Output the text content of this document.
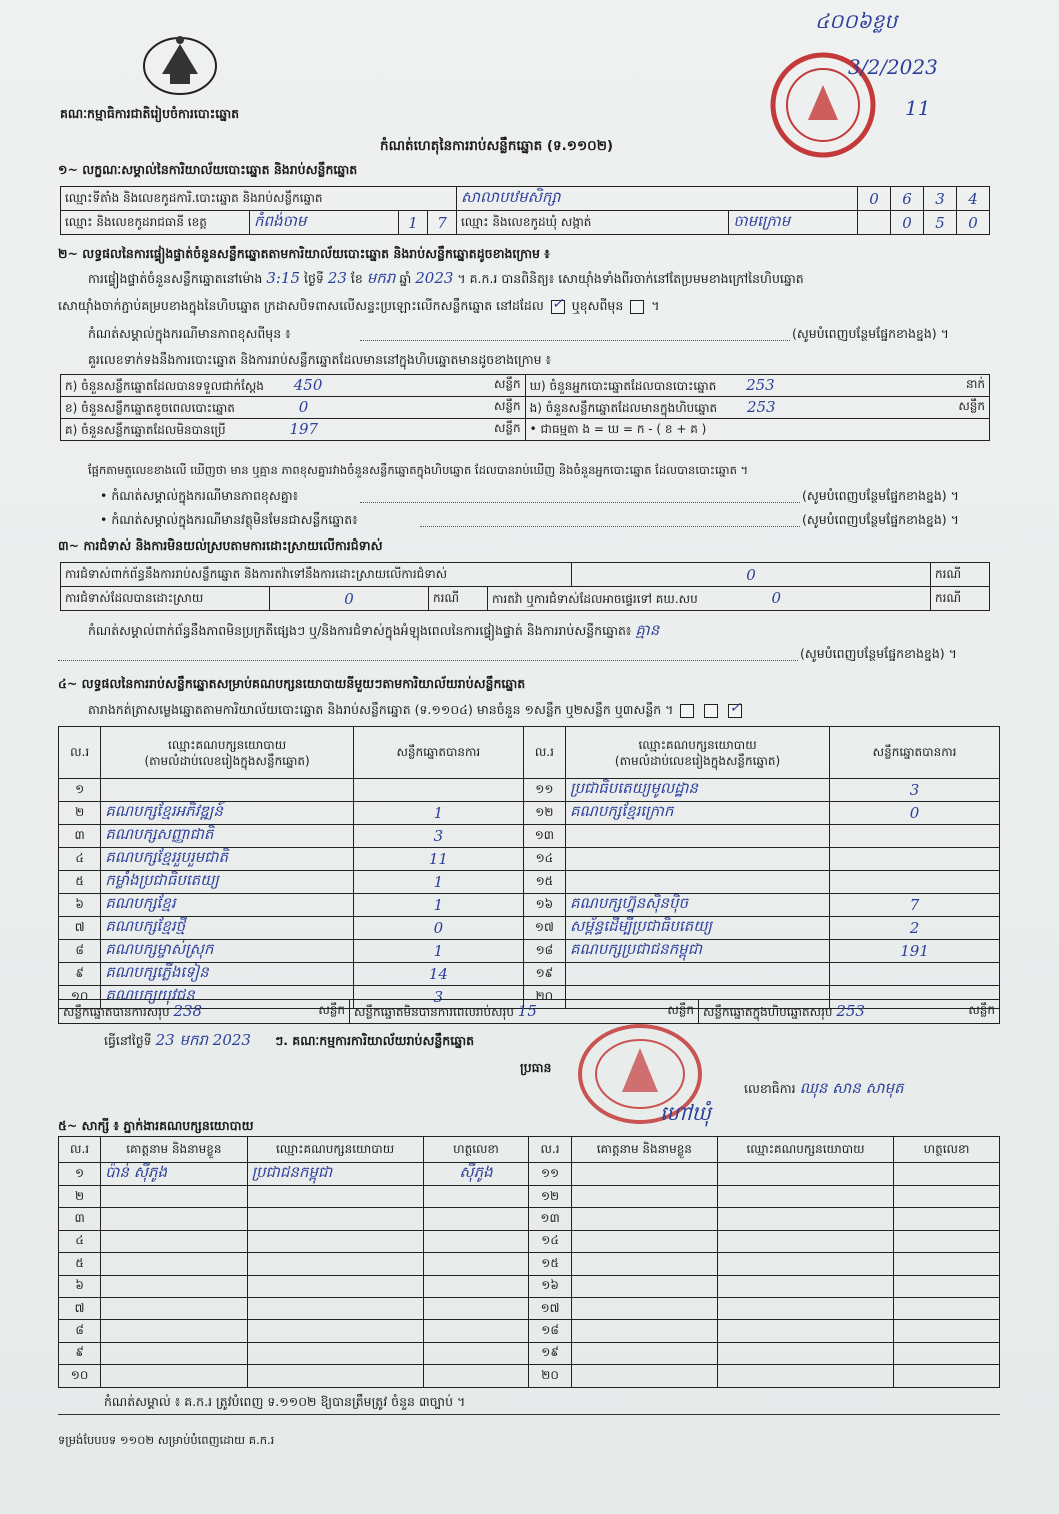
គណៈកម្មាធិការជាតិរៀបចំការបោះឆ្នោត
៤០០៦ខ្លប
3/2/2023
11
កំណត់ហេតុនៃការរាប់សន្លឹកឆ្នោត (ទ.១១០២)
១~ លក្ខណៈសម្គាល់នៃការិយាល័យបោះឆ្នោត និងរាប់សន្លឹកឆ្នោត
ឈ្មោះទីតាំង និងលេខកូដការិ.បោះឆ្នោត និងរាប់សន្លឹកឆ្នោត				សាលាបឋមសិក្សា		0	6	3	4
ឈ្មោះ និងលេខកូដរាជធានី ខេត្ត	កំពង់ចាម	1	7	ឈ្មោះ និងលេខកូដឃុំ សង្កាត់	ចាមក្រោម		0	5	0
២~ លទ្ធផលនៃការផ្ទៀងផ្ទាត់ចំនួនសន្លឹកឆ្នោតតាមការិយាល័យបោះឆ្នោត និងរាប់សន្លឹកឆ្នោតដូចខាងក្រោម ៖
ការផ្ទៀងផ្ទាត់ចំនួនសន្លឹកឆ្នោតនៅម៉ោង 3:15 ថ្ងៃទី 23 ខែ មករា ឆ្នាំ 2023 ។ គ.ក.រ បានពិនិត្យ៖ សោយ៉ាំងទាំងពីរចាក់នៅតែប្រមមខាងក្រៅនៃហិបឆ្នោត
សោយ៉ាំងចាក់ភ្ជាប់គម្របខាងក្នុងនៃហិបឆ្នោត ក្រដាសបិទពាសលើសន្ទះប្រឡោះលើកសន្លឹកឆ្នោត នៅដដែល ✓ ឬខុសពីមុន  ។
កំណត់សម្គាល់ក្នុងករណីមានភាពខុសពីមុន ៖	(សូមបំពេញបន្ថែមផ្នែកខាងខ្នង) ។
គួរលេខទាក់ទងនឹងការបោះឆ្នោត និងការរាប់សន្លឹកឆ្នោតដែលមាននៅក្នុងហិបឆ្នោតមានដូចខាងក្រោម ៖
ក) ចំនួនសន្លឹកឆ្នោតដែលបានទទួលជាក់ស្តែង 450 សន្លឹក	ឃ) ចំនួនអ្នកបោះឆ្នោតដែលបានបោះឆ្នោត 253 នាក់

ខ) ចំនួនសន្លឹកឆ្នោតខូចពេលបោះឆ្នោត 0 សន្លឹក	ង) ចំនួនសន្លឹកឆ្នោតដែលមានក្នុងហិបឆ្នោត 253 សន្លឹក

គ) ចំនួនសន្លឹកឆ្នោតដែលមិនបានប្រើ 197 សន្លឹក	• ជាធម្មតា ង = ឃ = ក - ( ខ + គ )
ផ្អែកតាមតួលេខខាងលើ ឃើញថា មាន ឬគ្មាន ភាពខុសគ្នារវាងចំនួនសន្លឹកឆ្នោតក្នុងហិបឆ្នោត ដែលបានរាប់ឃើញ និងចំនួនអ្នកបោះឆ្នោត ដែលបានបោះឆ្នោត ។
• កំណត់សម្គាល់ក្នុងករណីមានភាពខុសគ្នា៖	(សូមបំពេញបន្ថែមផ្នែកខាងខ្នង) ។
• កំណត់សម្គាល់ក្នុងករណីមានវត្ថុមិនមែនជាសន្លឹកឆ្នោត៖	(សូមបំពេញបន្ថែមផ្នែកខាងខ្នង) ។
៣~ ការជំទាស់ និងការមិនយល់ស្របតាមការដោះស្រាយលើការជំទាស់
ការជំទាស់ពាក់ព័ន្ធនឹងការរាប់សន្លឹកឆ្នោត និងការតវ៉ាទៅនឹងការដោះស្រាយលើការជំទាស់				0	ករណី
ការជំទាស់ដែលបានដោះស្រាយ	0	ករណី	ការតវ៉ា ឬការជំទាស់ដែលអាចផ្ទេរទៅ គឃ.សប 0		ករណី
កំណត់សម្គាល់ពាក់ព័ន្ធនឹងភាពមិនប្រក្រតីផ្សេងៗ ឬ/និងការជំទាស់ក្នុងអំឡុងពេលនៃការផ្ទៀងផ្ទាត់ និងការរាប់សន្លឹកឆ្នោត៖ គ្មាន
(សូមបំពេញបន្ថែមផ្នែកខាងខ្នង) ។
៤~ លទ្ធផលនៃការរាប់សន្លឹកឆ្នោតសម្រាប់គណបក្សនយោបាយនីមួយៗតាមការិយាល័យរាប់សន្លឹកឆ្នោត
តារាងកត់ត្រាសម្លេងឆ្នោតតាមការិយាល័យបោះឆ្នោត និងរាប់សន្លឹកឆ្នោត (ទ.១១០៤) មានចំនួន ១សន្លឹក ឬ២សន្លឹក ឬ៣សន្លឹក ។	✓
ល.រ	ឈ្មោះគណបក្សនយោបាយ
(តាមលំដាប់លេខរៀងក្នុងសន្លឹកឆ្នោត)	សន្លឹកឆ្នោតបានការ	ល.រ	ឈ្មោះគណបក្សនយោបាយ
(តាមលំដាប់លេខរៀងក្នុងសន្លឹកឆ្នោត)	សន្លឹកឆ្នោតបានការ
១			១១	ប្រជាធិបតេយ្យមូលដ្ឋាន	3
២	គណបក្សខ្មែរអភិវឌ្ឍន៍	1	១២	គណបក្សខ្មែរក្រោក	0
៣	គណបក្សសញ្ញាជាតិ	3	១៣		
៤	គណបក្សខ្មែររួបរួមជាតិ	11	១៤		
៥	កម្លាំងប្រជាធិបតេយ្យ	1	១៥		
៦	គណបក្សខ្មែរ	1	១៦	គណបក្សហ្វ៊ុនស៊ិនប៉ិច	7
៧	គណបក្សខ្មែរថ្មី	0	១៧	សម្ព័ន្ធដើម្បីប្រជាធិបតេយ្យ	2
៨	គណបក្សម្ចាស់ស្រុក	1	១៨	គណបក្សប្រជាជនកម្ពុជា	191
៩	គណបក្សភ្លើងទៀន	14	១៩		
១០	គណបក្សយុវជន	3	២០		
សន្លឹកឆ្នោតបានការសរុប 238	សន្លឹក	សន្លឹកឆ្នោតមិនបានការពេលរាប់សរុប 15	សន្លឹក	សន្លឹកឆ្នោតក្នុងហិបឆ្នោតសរុប 253	សន្លឹក
ធ្វើនៅថ្ងៃទី 23 មករា 2023 ៗ. គណៈកម្មការការិយាល័យរាប់សន្លឹកឆ្នោត
ប្រធាន
ហៅឃុំ
លេខាធិការ ឈុន សាន សាមុត
៥~ សាក្សី ៖ ភ្នាក់ងារគណបក្សនយោបាយ
ល.រ	គោត្តនាម និងនាមខ្លួន	ឈ្មោះគណបក្សនយោបាយ	ហត្ថលេខា	ល.រ	គោត្តនាម និងនាមខ្លួន	ឈ្មោះគណបក្សនយោបាយ	ហត្ថលេខា
១	ប៉ាន់ ស៊ីភូង	ប្រជាជនកម្ពុជា	ស៊ីភូង	១១			
២				១២			
៣				១៣			
៤				១៤			
៥				១៥			
៦				១៦			
៧				១៧			
៨				១៨			
៩				១៩			
១០				២០			
កំណត់សម្គាល់ ៖ គ.ក.រ ត្រូវបំពេញ ទ.១១០២ ឱ្យបានត្រឹមត្រូវ ចំនួន ៣ច្បាប់ ។
ទម្រង់បែបបទ ១១០២ សម្រាប់បំពេញដោយ គ.ក.រ
